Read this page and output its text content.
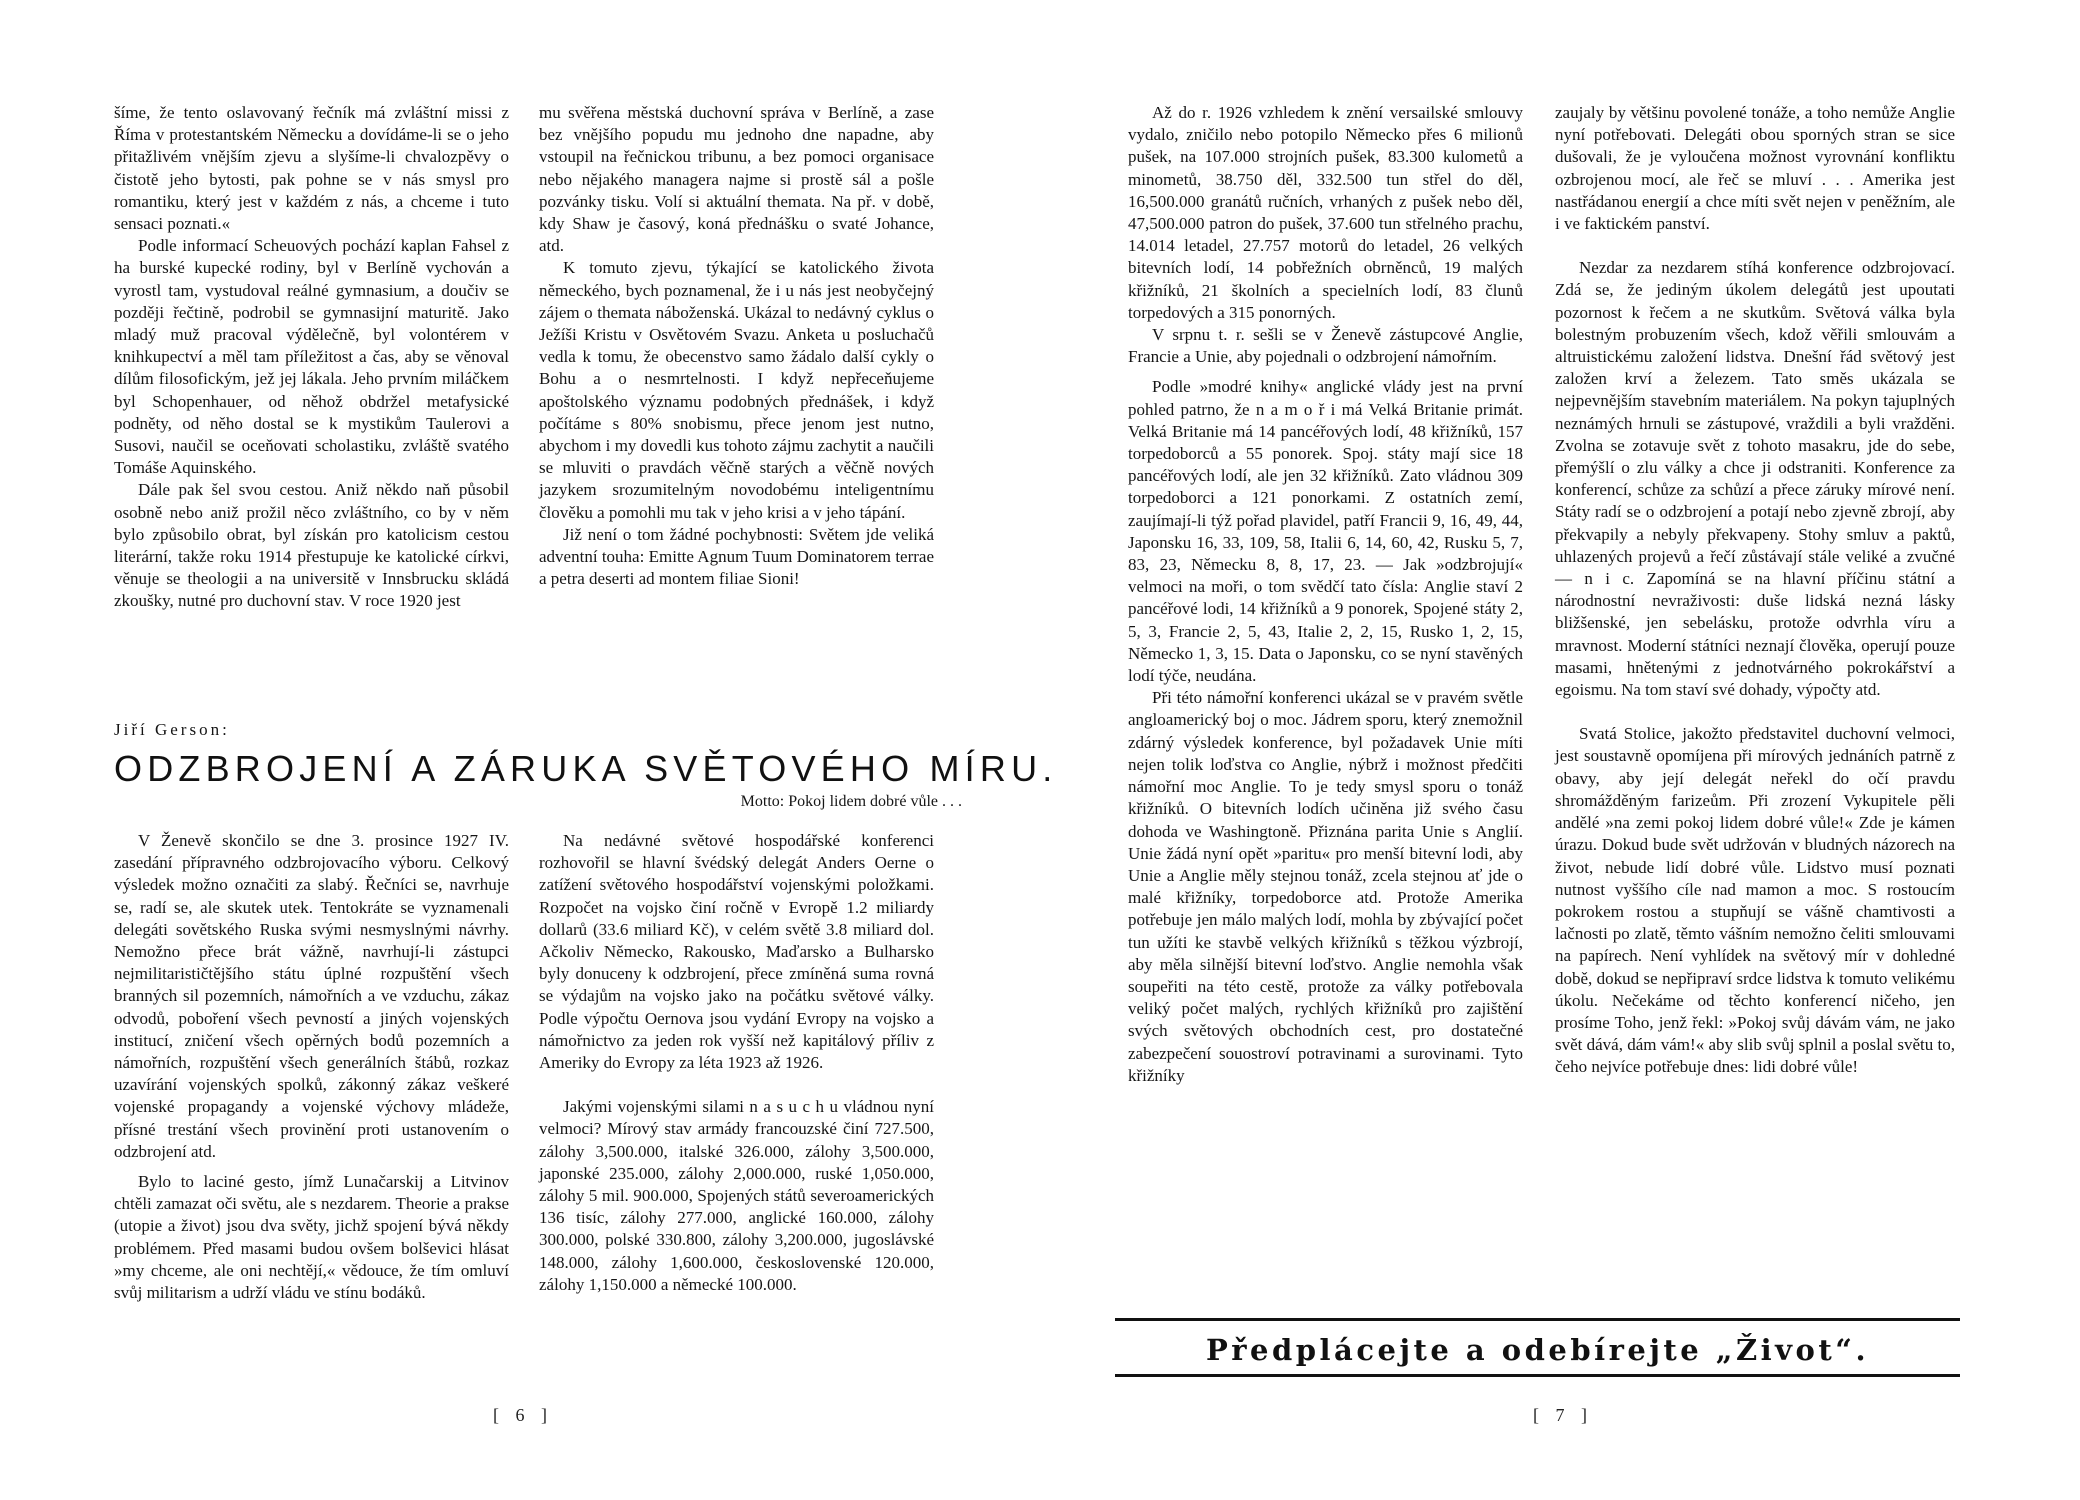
šíme, že tento oslavovaný řečník má zvláštní missi z Říma v protestantském Německu a dovídáme-li se o jeho přitažlivém vnějším zjevu a slyšíme-li chvalozpěvy o čistotě jeho bytosti, pak pohne se v nás smysl pro romantiku, který jest v každém z nás, a chceme i tuto sensaci poznati.«

Podle informací Scheuových pochází kaplan Fahsel z ha burské kupecké rodiny, byl v Berlíně vychován a vyrostl tam, vystudoval reálné gymnasium, a doučiv se později řečtině, podrobil se gymnasijní maturitě. Jako mladý muž pracoval výdělečně, byl volontérem v knihkupectví a měl tam příležitost a čas, aby se věnoval dílům filosofickým, jež jej lákala. Jeho prvním miláčkem byl Schopenhauer, od něhož obdržel metafysické podněty, od něho dostal se k mystikům Taulerovi a Susovi, naučil se oceňovati scholastiku, zvláště svatého Tomáše Aquinského.

Dále pak šel svou cestou. Aniž někdo naň působil osobně nebo aniž prožil něco zvláštního, co by v něm bylo způsobilo obrat, byl získán pro katolicism cestou literární, takže roku 1914 přestupuje ke katolické církvi, věnuje se theologii a na universitě v Innsbrucku skládá zkoušky, nutné pro duchovní stav. V roce 1920 jest

mu svěřena městská duchovní správa v Berlíně, a zase bez vnějšího popudu mu jednoho dne napadne, aby vstoupil na řečnickou tribunu, a bez pomoci organisace nebo nějakého managera najme si prostě sál a pošle pozvánky tisku. Volí si aktuální themata. Na př. v době, kdy Shaw je časový, koná přednášku o svaté Johance, atd.

K tomuto zjevu, týkající se katolického života německého, bych poznamenal, že i u nás jest neobyčejný zájem o themata náboženská. Ukázal to nedávný cyklus o Ježíši Kristu v Osvětovém Svazu. Anketa u posluchačů vedla k tomu, že obecenstvo samo žádalo další cykly o Bohu a o nesmrtelnosti. I když nepřeceňujeme apoštolského významu podobných přednášek, i když počítáme s 80% snobismu, přece jenom jest nutno, abychom i my dovedli kus tohoto zájmu zachytit a naučili se mluviti o pravdách věčně starých a věčně nových jazykem srozumitelným novodobému inteligentnímu člověku a pomohli mu tak v jeho krisi a v jeho tápání.

Již není o tom žádné pochybnosti: Světem jde veliká adventní touha: Emitte Agnum Tuum Dominatorem terrae a petra deserti ad montem filiae Sioni!

Jiří Gerson:
ODZBROJENÍ A ZÁRUKA SVĚTOVÉHO MÍRU.
Motto: Pokoj lidem dobré vůle . . .

V Ženevě skončilo se dne 3. prosince 1927 IV. zasedání přípravného odzbrojovacího výboru. Celkový výsledek možno označiti za slabý. Řečníci se, navrhuje se, radí se, ale skutek utek. Tentokráte se vyznamenali delegáti sovětského Ruska svými nesmyslnými návrhy. Nemožno přece brát vážně, navrhují-li zástupci nejmilitarističtějšího státu úplné rozpuštění všech branných sil pozemních, námořních a ve vzduchu, zákaz odvodů, poboření všech pevností a jiných vojenských institucí, zničení všech opěrných bodů pozemních a námořních, rozpuštění všech generálních štábů, rozkaz uzavírání vojenských spolků, zákonný zákaz veškeré vojenské propagandy a vojenské výchovy mládeže, přísné trestání všech provinění proti ustanovením o odzbrojení atd.

Bylo to laciné gesto, jímž Lunačarskij a Litvinov chtěli zamazat oči světu, ale s nezdarem. Theorie a prakse (utopie a život) jsou dva světy, jichž spojení bývá někdy problémem. Před masami budou ovšem bolševici hlásat »my chceme, ale oni nechtějí,« vědouce, že tím omluví svůj militarism a udrží vládu ve stínu bodáků.

Na nedávné světové hospodářské konferenci rozhovořil se hlavní švédský delegát Anders Oerne o zatížení světového hospodářství vojenskými položkami. Rozpočet na vojsko činí ročně v Evropě 1.2 miliardy dollarů (33.6 miliard Kč), v celém světě 3.8 miliard dol. Ačkoliv Německo, Rakousko, Maďarsko a Bulharsko byly donuceny k odzbrojení, přece zmíněná suma rovná se výdajům na vojsko jako na počátku světové války. Podle výpočtu Oernova jsou vydání Evropy na vojsko a námořnictvo za jeden rok vyšší než kapitálový příliv z Ameriky do Evropy za léta 1923 až 1926.

Jakými vojenskými silami n a s u c h u vládnou nyní velmoci? Mírový stav armády francouzské činí 727.500, zálohy 3,500.000, italské 326.000, zálohy 3,500.000, japonské 235.000, zálohy 2,000.000, ruské 1,050.000, zálohy 5 mil. 900.000, Spojených států severoamerických 136 tisíc, zálohy 277.000, anglické 160.000, zálohy 300.000, polské 330.800, zálohy 3,200.000, jugoslávské 148.000, zálohy 1,600.000, československé 120.000, zálohy 1,150.000 a německé 100.000.

[ 6 ]

Až do r. 1926 vzhledem k znění versailské smlouvy vydalo, zničilo nebo potopilo Německo přes 6 milionů pušek, na 107.000 strojních pušek, 83.300 kulometů a minometů, 38.750 děl, 332.500 tun střel do děl, 16,500.000 granátů ručních, vrhaných z pušek nebo děl, 47,500.000 patron do pušek, 37.600 tun střelného prachu, 14.014 letadel, 27.757 motorů do letadel, 26 velkých bitevních lodí, 14 pobřežních obrněnců, 19 malých křižníků, 21 školních a specielních lodí, 83 člunů torpedových a 315 ponorných.

V srpnu t. r. sešli se v Ženevě zástupcové Anglie, Francie a Unie, aby pojednali o odzbrojení námořním.

Podle »modré knihy« anglické vlády jest na první pohled patrno, že n a m o ř i má Velká Britanie primát. Velká Britanie má 14 pancéřových lodí, 48 křižníků, 157 torpedoborců a 55 ponorek. Spoj. státy mají sice 18 pancéřových lodí, ale jen 32 křižníků. Zato vládnou 309 torpedoborci a 121 ponorkami. Z ostatních zemí, zaujímají-li týž pořad plavidel, patří Francii 9, 16, 49, 44, Japonsku 16, 33, 109, 58, Italii 6, 14, 60, 42, Rusku 5, 7, 83, 23, Německu 8, 8, 17, 23. — Jak »odzbrojují« velmoci na moři, o tom svědčí tato čísla: Anglie staví 2 pancéřové lodi, 14 křižníků a 9 ponorek, Spojené státy 2, 5, 3, Francie 2, 5, 43, Italie 2, 2, 15, Rusko 1, 2, 15, Německo 1, 3, 15. Data o Japonsku, co se nyní stavěných lodí týče, neudána.

Při této námořní konferenci ukázal se v pravém světle angloamerický boj o moc. Jádrem sporu, který znemožnil zdárný výsledek konference, byl požadavek Unie míti nejen tolik loďstva co Anglie, nýbrž i možnost předčiti námořní moc Anglie. To je tedy smysl sporu o tonáž křižníků. O bitevních lodích učiněna již svého času dohoda ve Washingtoně. Přiznána parita Unie s Anglií. Unie žádá nyní opět »paritu« pro menší bitevní lodi, aby Unie a Anglie měly stejnou tonáž, zcela stejnou ať jde o malé křižníky, torpedoborce atd. Protože Amerika potřebuje jen málo malých lodí, mohla by zbývající počet tun užíti ke stavbě velkých křižníků s těžkou výzbrojí, aby měla silnější bitevní loďstvo. Anglie nemohla však soupeřiti na této cestě, protože za války potřebovala veliký počet malých, rychlých křižníků pro zajištění svých světových obchodních cest, pro dostatečné zabezpečení souostroví potravinami a surovinami. Tyto křižníky

zaujaly by většinu povolené tonáže, a toho nemůže Anglie nyní potřebovati. Delegáti obou sporných stran se sice dušovali, že je vyloučena možnost vyrovnání konfliktu ozbrojenou mocí, ale řeč se mluví . . . Amerika jest nastřádanou energií a chce míti svět nejen v peněžním, ale i ve faktickém panství.

Nezdar za nezdarem stíhá konference odzbrojovací. Zdá se, že jediným úkolem delegátů jest upoutati pozornost k řečem a ne skutkům. Světová válka byla bolestným probuzením všech, kdož věřili smlouvám a altruistickému založení lidstva. Dnešní řád světový jest založen krví a železem. Tato směs ukázala se nejpevnějším stavebním materiálem. Na pokyn tajuplných neznámých hrnuli se zástupové, vraždili a byli vražděni. Zvolna se zotavuje svět z tohoto masakru, jde do sebe, přemýšlí o zlu války a chce ji odstraniti. Konference za konferencí, schůze za schůzí a přece záruky mírové není. Státy radí se o odzbrojení a potají nebo zjevně zbrojí, aby překvapily a nebyly překvapeny. Stohy smluv a paktů, uhlazených projevů a řečí zůstávají stále veliké a zvučné — n i c. Zapomíná se na hlavní příčinu státní a národnostní nevraživosti: duše lidská nezná lásky bližšenské, jen sebelásku, protože odvrhla víru a mravnost. Moderní státníci neznají člověka, operují pouze masami, hnětenými z jednotvárného pokrokářství a egoismu. Na tom staví své dohady, výpočty atd.

Svatá Stolice, jakožto představitel duchovní velmoci, jest soustavně opomíjena při mírových jednáních patrně z obavy, aby její delegát neřekl do očí pravdu shromážděným farizeům. Při zrození Vykupitele pěli andělé »na zemi pokoj lidem dobré vůle!« Zde je kámen úrazu. Dokud bude svět udržován v bludných názorech na život, nebude lidí dobré vůle. Lidstvo musí poznati nutnost vyššího cíle nad mamon a moc. S rostoucím pokrokem rostou a stupňují se vášně chamtivosti a lačnosti po zlatě, těmto vášním nemožno čeliti smlouvami na papírech. Není vyhlídek na světový mír v dohledné době, dokud se nepřipraví srdce lidstva k tomuto velikému úkolu. Nečekáme od těchto konferencí ničeho, jen prosíme Toho, jenž řekl: »Pokoj svůj dávám vám, ne jako svět dává, dám vám!« aby slib svůj splnil a poslal světu to, čeho nejvíce potřebuje dnes: lidi dobré vůle!

[ 7 ]
Předplácejte a odebírejte „Život“.
